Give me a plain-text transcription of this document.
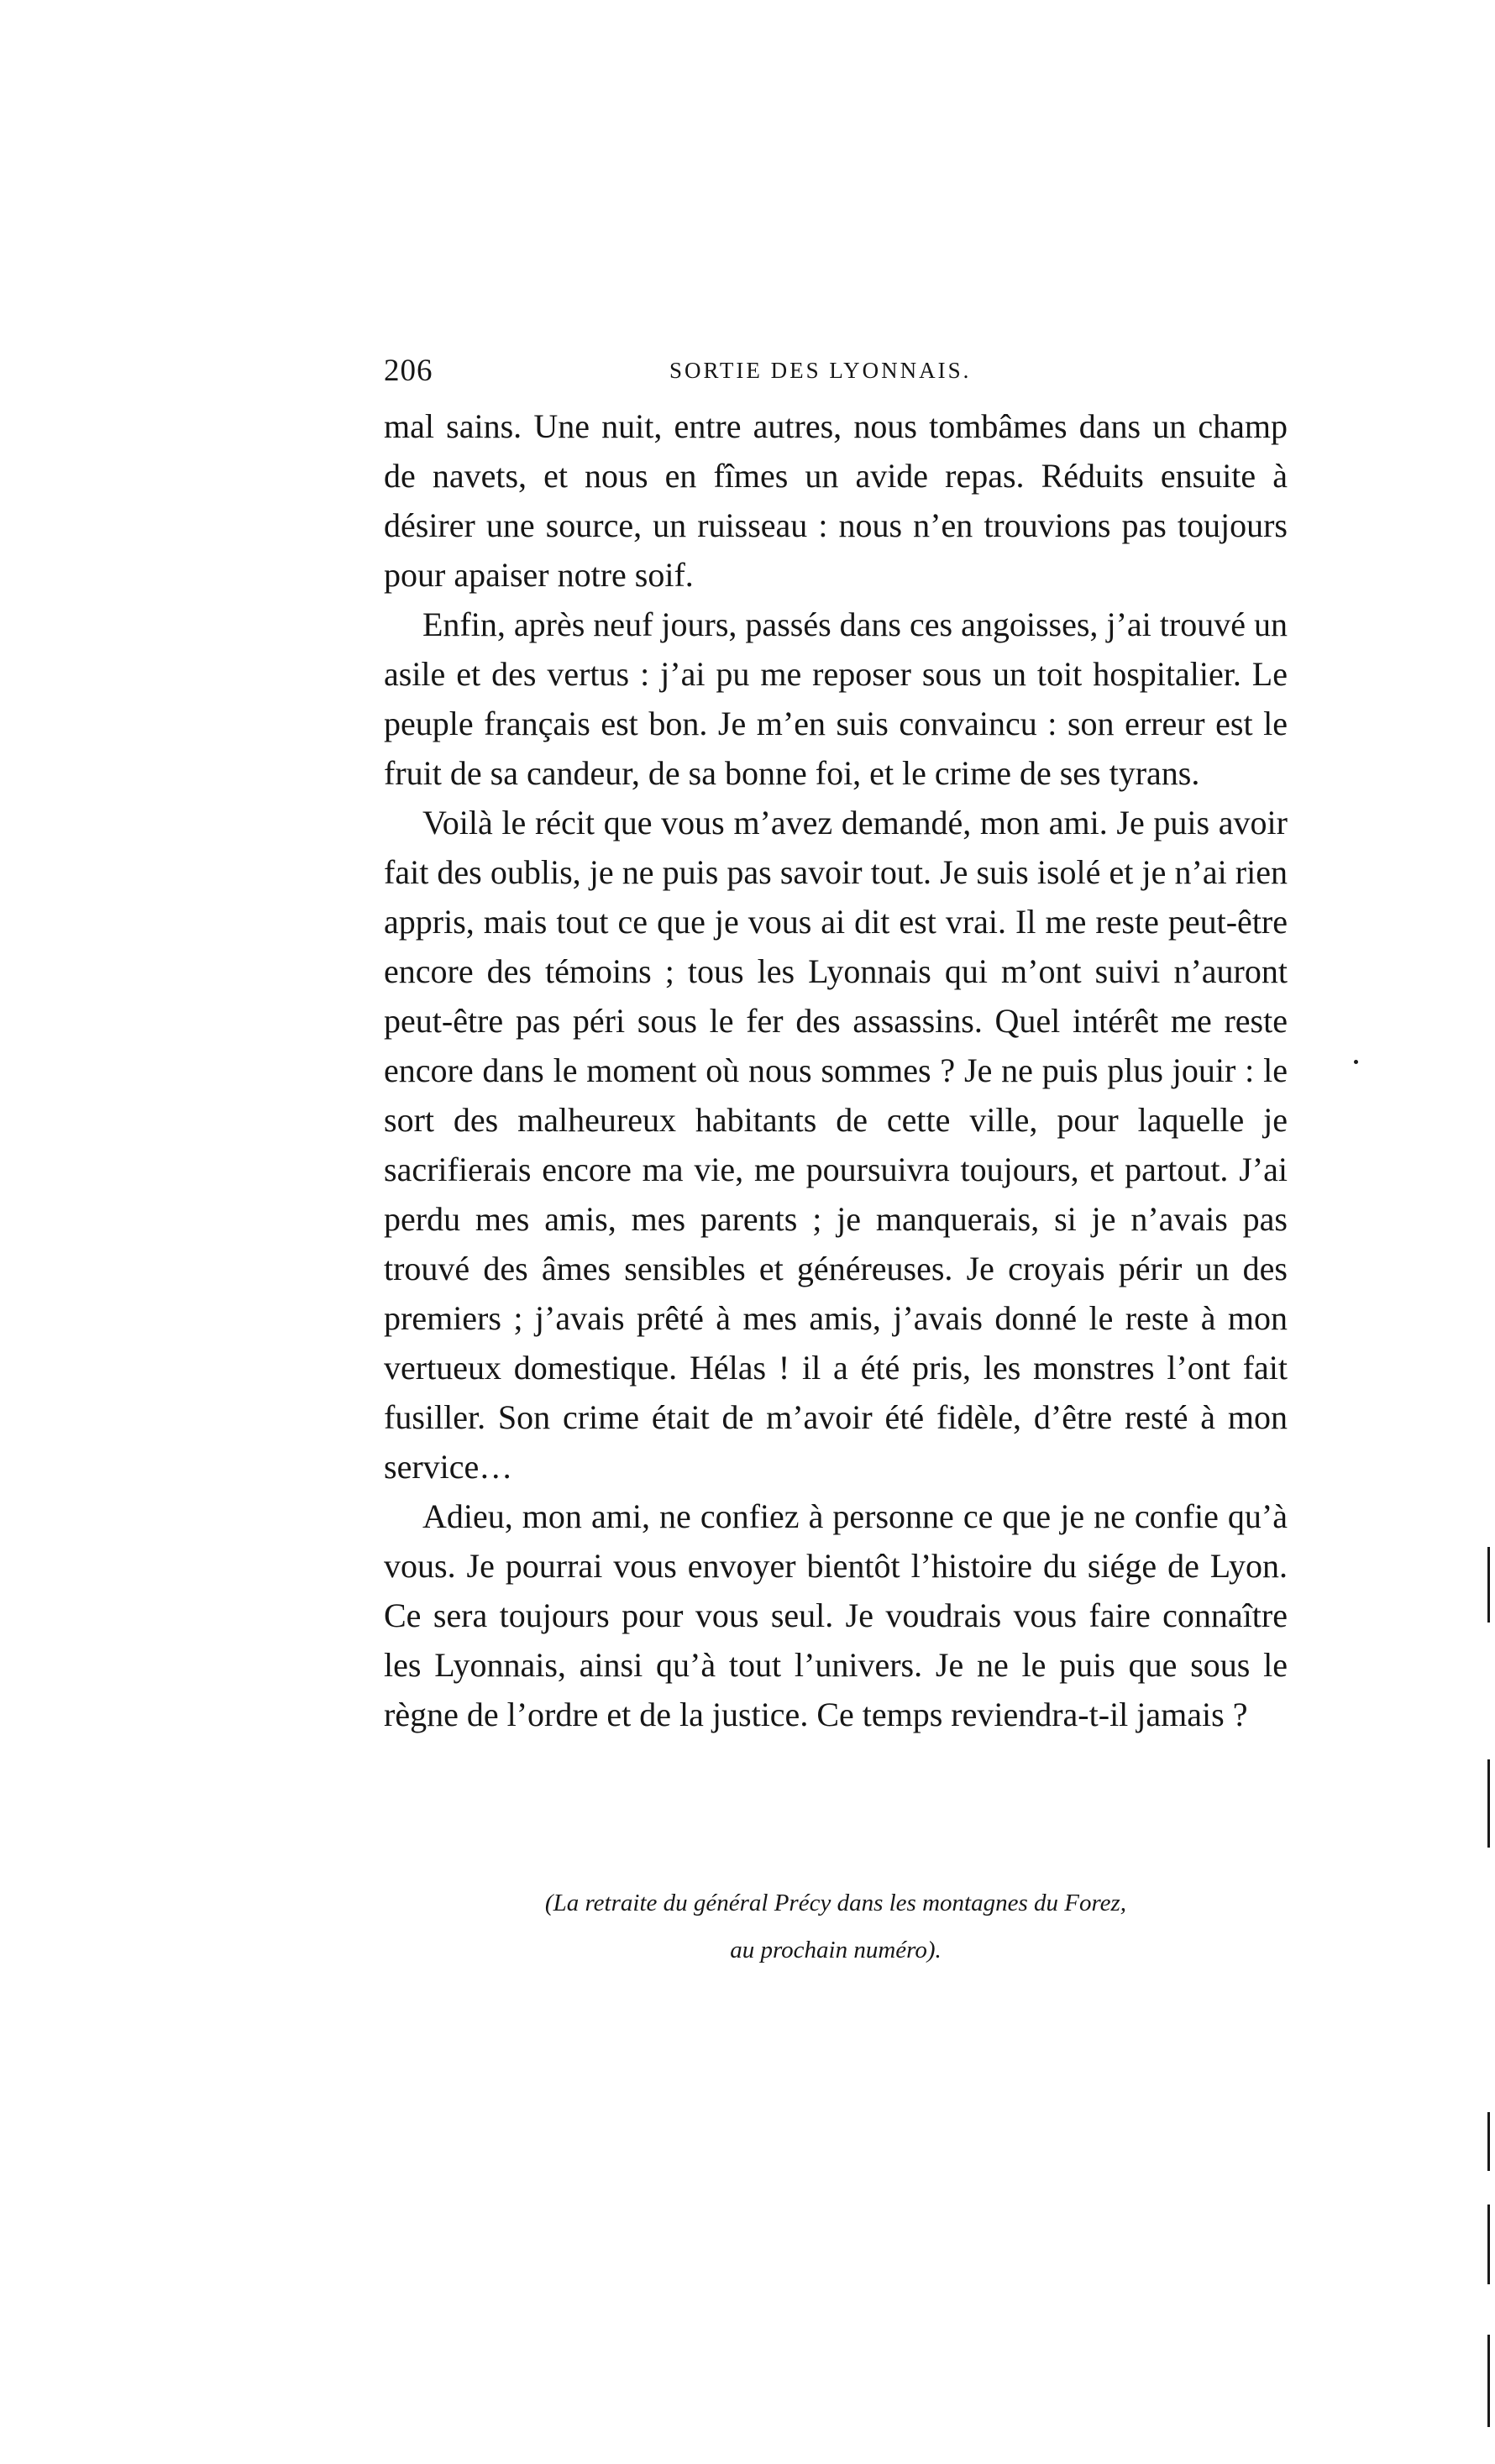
206	SORTIE DES LYONNAIS.

mal sains. Une nuit, entre autres, nous tombâmes dans un champ de navets, et nous en fîmes un avide repas. Réduits ensuite à désirer une source, un ruisseau : nous n’en trouvions pas toujours pour apaiser notre soif.

Enfin, après neuf jours, passés dans ces angoisses, j’ai trouvé un asile et des vertus : j’ai pu me reposer sous un toit hospitalier. Le peuple français est bon. Je m’en suis convaincu : son erreur est le fruit de sa candeur, de sa bonne foi, et le crime de ses tyrans.

Voilà le récit que vous m’avez demandé, mon ami. Je puis avoir fait des oublis, je ne puis pas savoir tout. Je suis isolé et je n’ai rien appris, mais tout ce que je vous ai dit est vrai. Il me reste peut-être encore des témoins ; tous les Lyonnais qui m’ont suivi n’auront peut-être pas péri sous le fer des assassins. Quel intérêt me reste encore dans le moment où nous sommes ? Je ne puis plus jouir : le sort des malheureux habitants de cette ville, pour laquelle je sacrifierais encore ma vie, me poursuivra toujours, et partout. J’ai perdu mes amis, mes parents ; je manquerais, si je n’avais pas trouvé des âmes sensibles et généreuses. Je croyais périr un des premiers ; j’avais prêté à mes amis, j’avais donné le reste à mon vertueux domestique. Hélas ! il a été pris, les monstres l’ont fait fusiller. Son crime était de m’avoir été fidèle, d’être resté à mon service…

Adieu, mon ami, ne confiez à personne ce que je ne confie qu’à vous. Je pourrai vous envoyer bientôt l’histoire du siége de Lyon. Ce sera toujours pour vous seul. Je voudrais vous faire connaître les Lyonnais, ainsi qu’à tout l’univers. Je ne le puis que sous le règne de l’ordre et de la justice. Ce temps reviendra-t-il jamais ?

(La retraite du général Précy dans les montagnes du Forez,
au prochain numéro).
